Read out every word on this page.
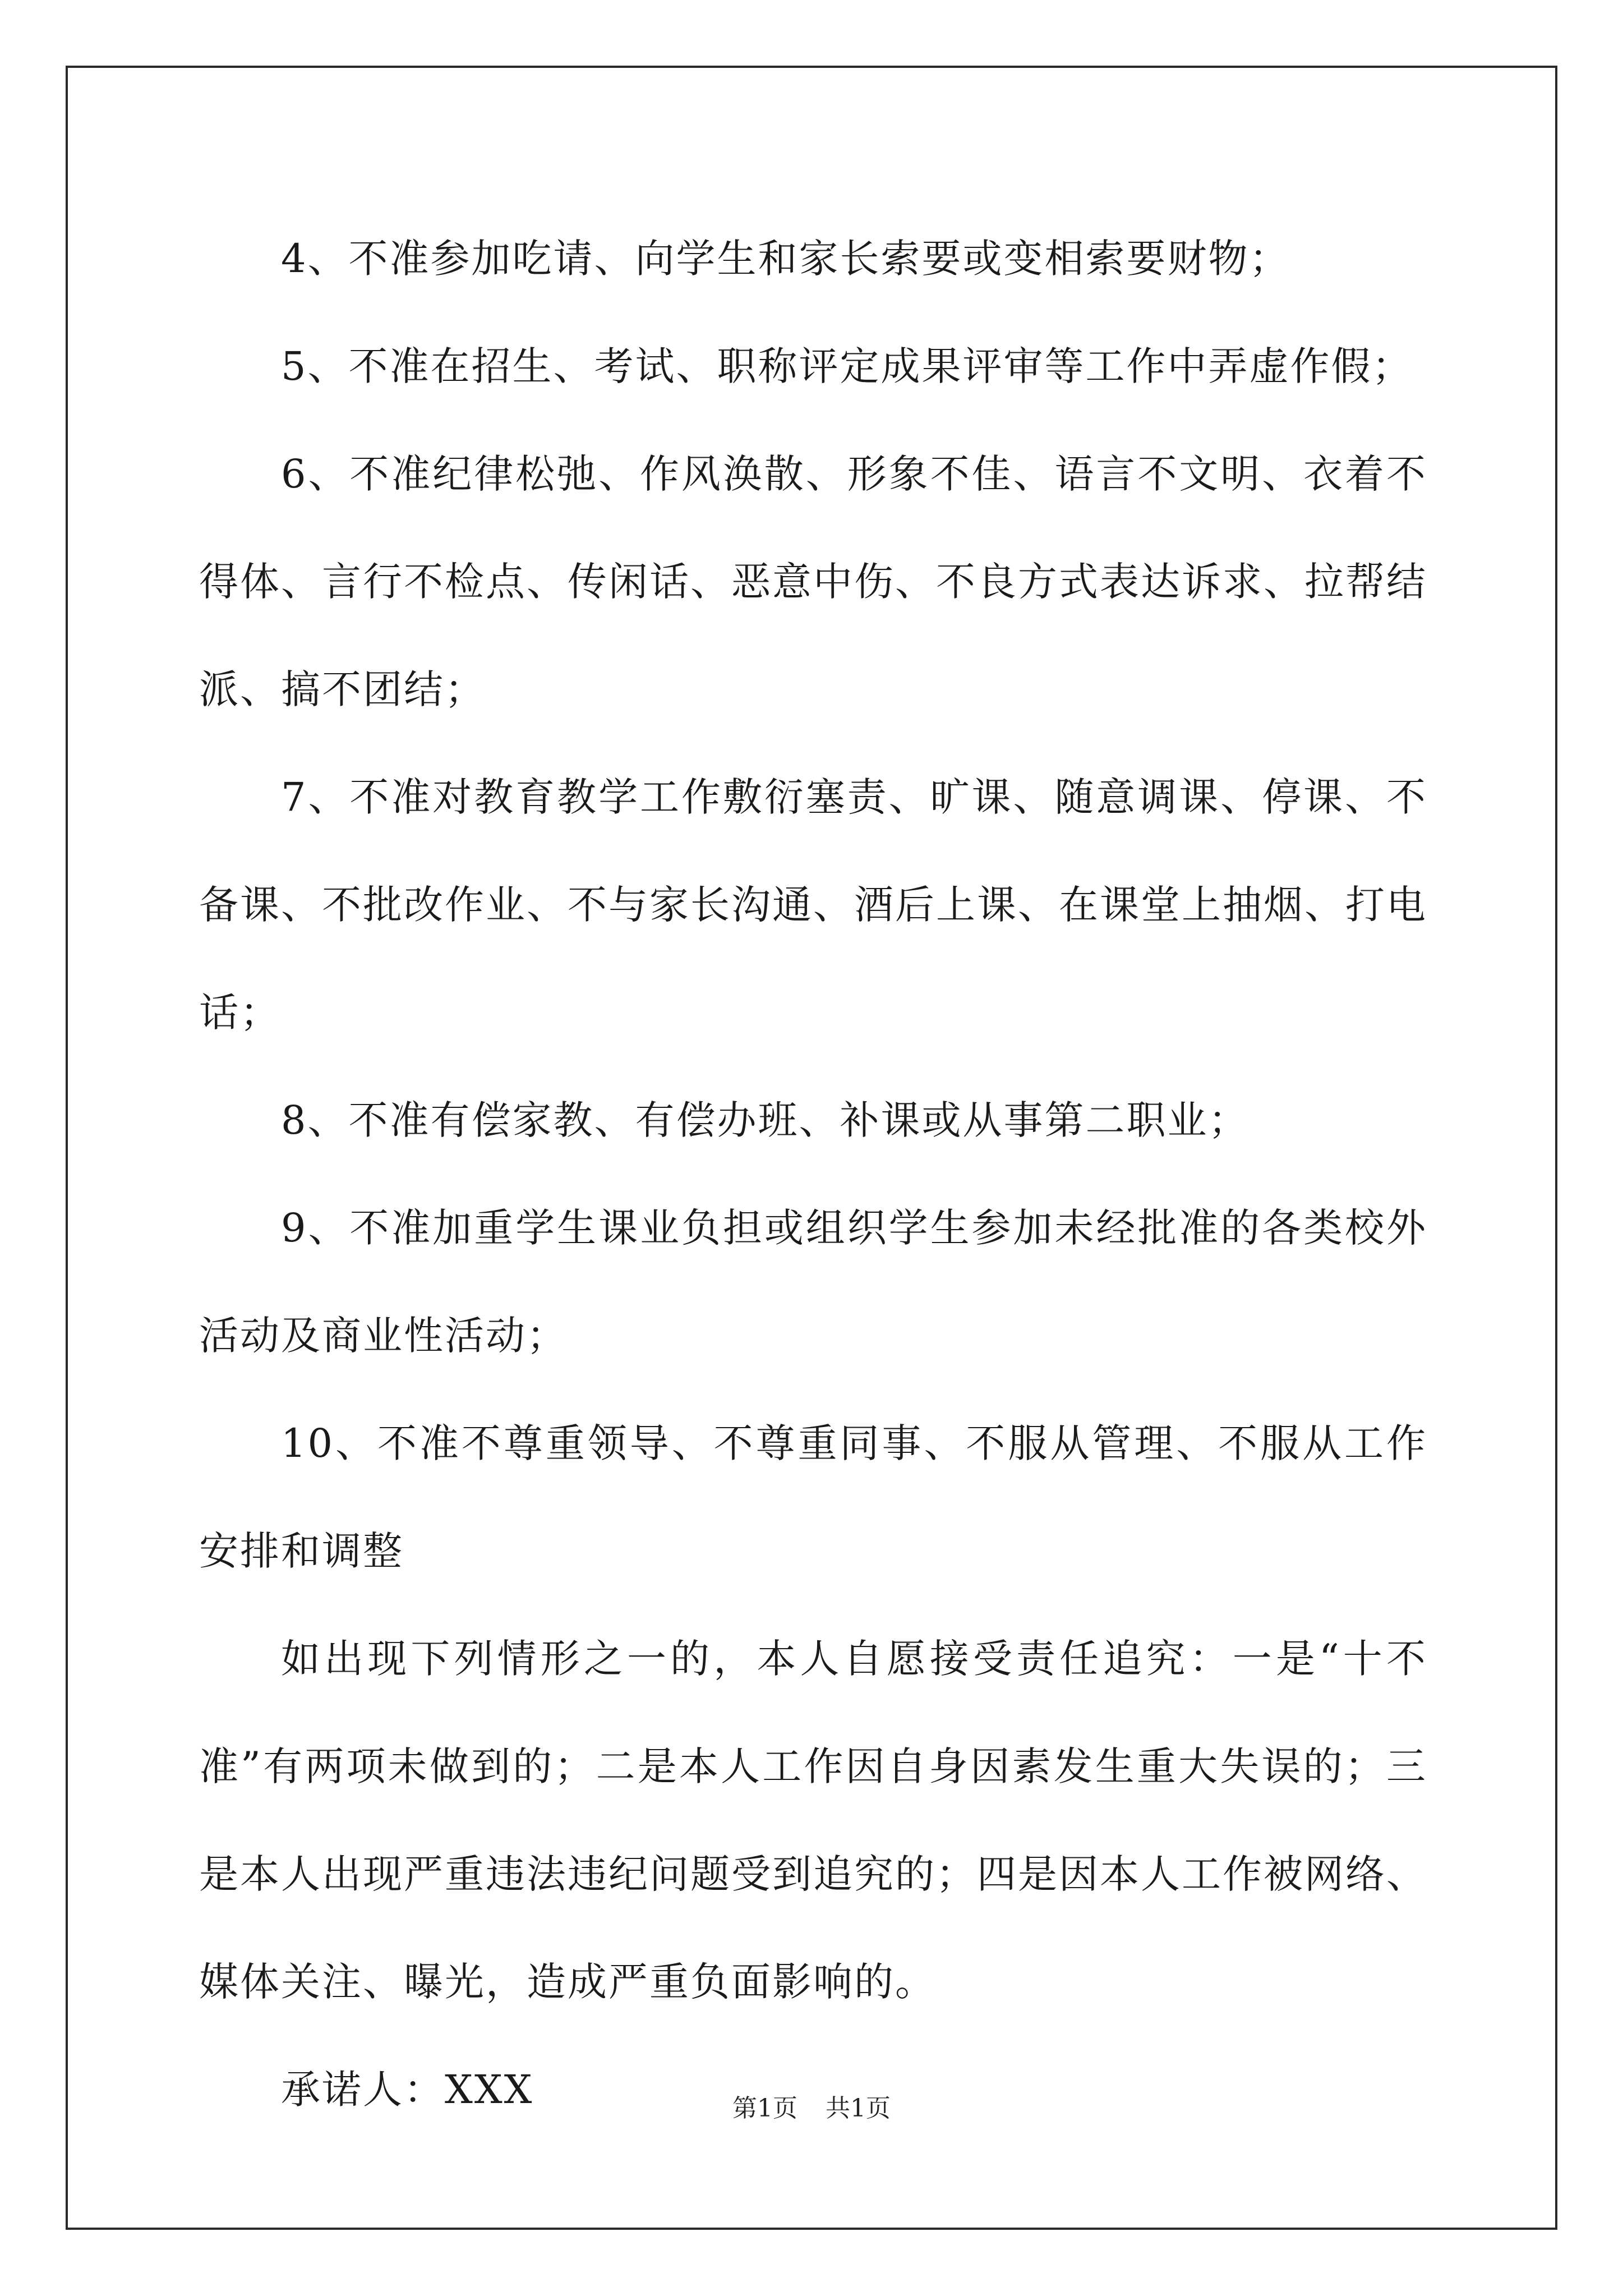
4、不准参加吃请、向学生和家长索要或变相索要财物；

5、不准在招生、考试、职称评定成果评审等工作中弄虚作假；

6、不准纪律松弛、作风涣散、形象不佳、语言不文明、衣着不得体、言行不检点、传闲话、恶意中伤、不良方式表达诉求、拉帮结派、搞不团结；

7、不准对教育教学工作敷衍塞责、旷课、随意调课、停课、不备课、不批改作业、不与家长沟通、酒后上课、在课堂上抽烟、打电话；

8、不准有偿家教、有偿办班、补课或从事第二职业；

9、不准加重学生课业负担或组织学生参加未经批准的各类校外活动及商业性活动；

10、不准不尊重领导、不尊重同事、不服从管理、不服从工作安排和调整

如出现下列情形之一的，本人自愿接受责任追究：一是“十不准”有两项未做到的；二是本人工作因自身因素发生重大失误的；三是本人出现严重违法违纪问题受到追究的；四是因本人工作被网络、媒体关注、曝光，造成严重负面影响的。

承诺人：XXX	第1页 共1页
